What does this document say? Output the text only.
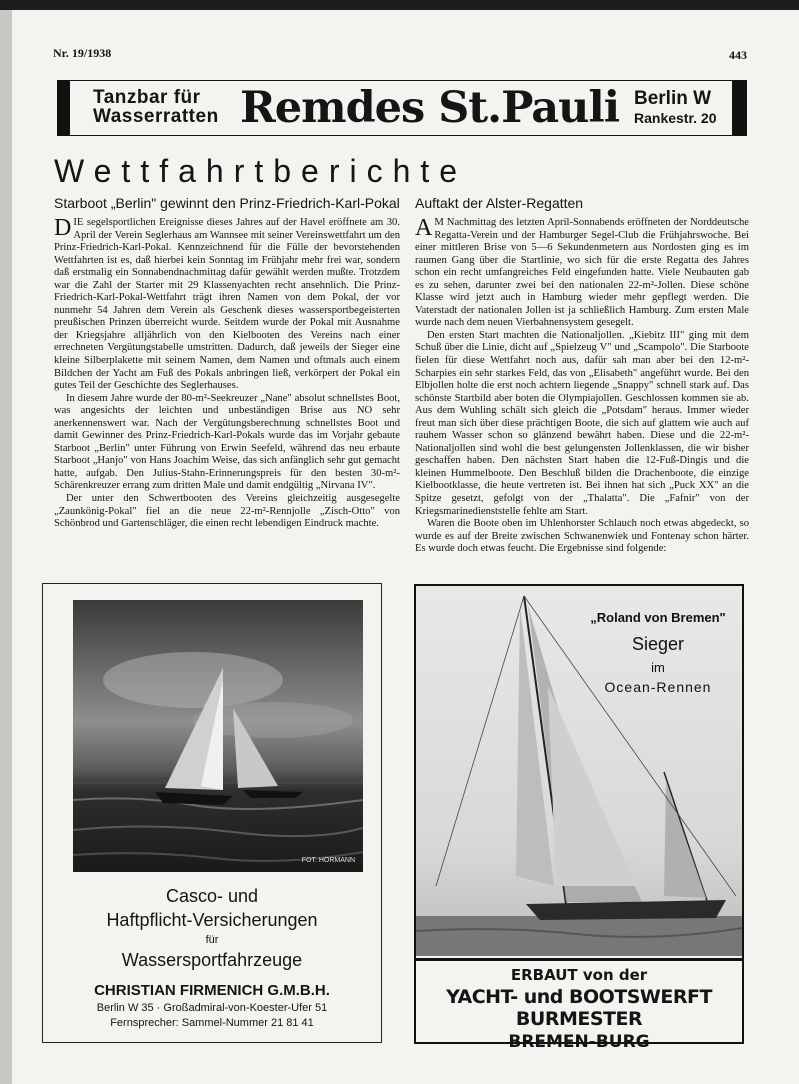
Nr. 19/1938	443
Tanzbar für
Wasserratten Remdes St.Pauli Berlin W
Rankestr. 20
Wettfahrtberichte
Starboot „Berlin" gewinnt den Prinz-Friedrich-Karl-Pokal

DIE segelsportlichen Ereignisse dieses Jahres auf der Havel eröffnete am 30. April der Verein Seglerhaus am Wannsee mit seiner Vereinswettfahrt um den Prinz-Friedrich-Karl-Pokal. Kennzeichnend für die Fülle der bevorstehenden Wettfahrten ist es, daß hierbei kein Sonntag im Frühjahr mehr frei war, sondern daß erstmalig ein Sonnabendnachmittag dafür gewählt werden mußte. Trotzdem war die Zahl der Starter mit 29 Klassenyachten recht ansehnlich. Die Prinz-Friedrich-Karl-Pokal-Wettfahrt trägt ihren Namen von dem Pokal, der vor nunmehr 54 Jahren dem Verein als Geschenk dieses wassersportbegeisterten preußischen Prinzen überreicht wurde. Seitdem wurde der Pokal mit Ausnahme der Kriegsjahre alljährlich von den Kielbooten des Vereins nach einer errechneten Vergütungstabelle umstritten. Dadurch, daß jeweils der Sieger eine kleine Silberplakette mit seinem Namen, dem Namen und oftmals auch einem Bildchen der Yacht am Fuß des Pokals anbringen ließ, verkörpert der Pokal ein gutes Teil der Geschichte des Seglerhauses.

In diesem Jahre wurde der 80-m²-Seekreuzer „Nane" absolut schnellstes Boot, was angesichts der leichten und unbeständigen Brise aus NO sehr anerkennenswert war. Nach der Vergütungsberechnung schnellstes Boot und damit Gewinner des Prinz-Friedrich-Karl-Pokals wurde das im Vorjahr gebaute Starboot „Berlin" unter Führung von Erwin Seefeld, während das neu erbaute Starboot „Hanjo" von Hans Joachim Weise, das sich anfänglich sehr gut gemacht hatte, aufgab. Den Julius-Stahn-Erinnerungspreis für den besten 30-m²-Schärenkreuzer errang zum dritten Male und damit endgültig „Nirvana IV".

Der unter den Schwertbooten des Vereins gleichzeitig ausgesegelte „Zaunkönig-Pokal" fiel an die neue 22-m²-Rennjolle „Zisch-Otto" von Schönbrod und Gartenschläger, die einen recht lebendigen Eindruck machte.

Auftakt der Alster-Regatten

A M Nachmittag des letzten April-Sonnabends eröffneten der Norddeutsche Regatta-Verein und der Hamburger Segel-Club die Frühjahrswoche. Bei einer mittleren Brise von 5—6 Sekundenmetern aus Nordosten ging es im raumen Gang über die Startlinie, wo sich für die erste Regatta des Jahres schon ein recht umfangreiches Feld eingefunden hatte. Viele Neubauten gab es zu sehen, darunter zwei bei den nationalen 22-m²-Jollen. Diese schöne Klasse wird jetzt auch in Hamburg wieder mehr gepflegt werden. Die Vaterstadt der nationalen Jollen ist ja schließlich Hamburg. Zum ersten Male wurde nach dem neuen Vierbahnensystem gesegelt.

Den ersten Start machten die Nationaljollen. „Kiebitz III" ging mit dem Schuß über die Linie, dicht auf „Spielzeug V" und „Scampolo". Die Starboote fielen für diese Wettfahrt noch aus, dafür sah man aber bei den 12-m²-Scharpies ein sehr starkes Feld, das von „Elisabeth" angeführt wurde. Bei den Elbjollen holte die erst noch achtern liegende „Snappy" schnell stark auf. Das schönste Startbild aber boten die Olympiajollen. Geschlossen kommen sie ab. Aus dem Wuhling schält sich gleich die „Potsdam" heraus. Immer wieder freut man sich über diese prächtigen Boote, die sich auf glattem wie auch auf rauhem Wasser schon so glänzend bewährt haben. Diese und die 22-m²-Nationaljollen sind wohl die best gelungensten Jollenklassen, die wir bisher geschaffen haben. Den nächsten Start haben die 12-Fuß-Dingis und die kleinen Hummelboote. Den Beschluß bilden die Drachenboote, die einzige Kielbootklasse, die heute vertreten ist. Bei ihnen hat sich „Puck XX" an die Spitze gesetzt, gefolgt von der „Thalatta". Die „Fafnir" von der Kriegsmarinedienststelle fehlte am Start.

Waren die Boote oben im Uhlenhorster Schlauch noch etwas abgedeckt, so wurde es auf der Breite zwischen Schwanenwiek und Fontenay schon härter. Es wurde doch etwas feucht. Die Ergebnisse sind folgende:

FOT. HORMANN
Casco- und
Haftpflicht-Versicherungen
für
Wassersportfahrzeuge
CHRISTIAN FIRMENICH G.M.B.H.
Berlin W 35 · Großadmiral-von-Koester-Ufer 51
Fernsprecher: Sammel-Nummer 21 81 41
„Roland von Bremen"
Sieger
im
Ocean-Rennen
ERBAUT von der
YACHT- und BOOTSWERFT BURMESTER
BREMEN-BURG
